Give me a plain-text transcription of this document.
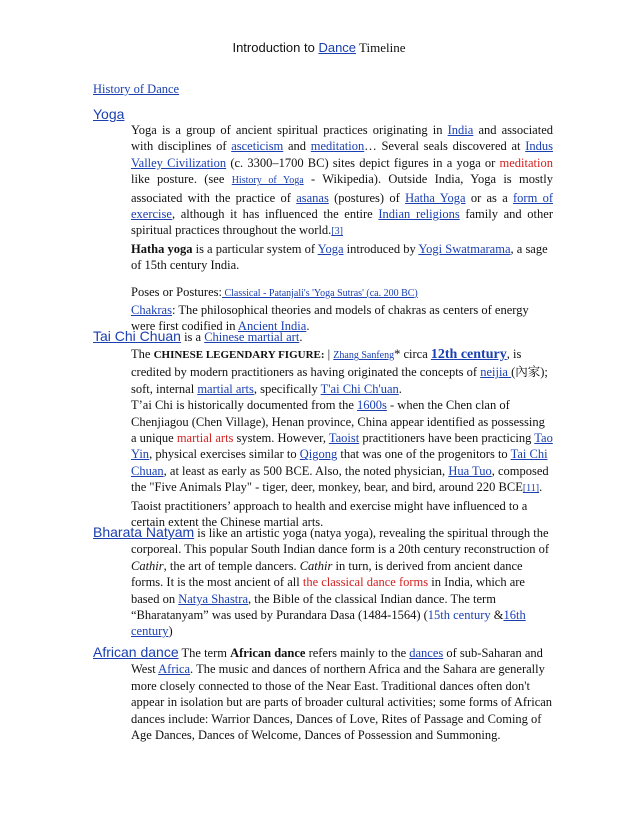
Introduction to Dance Timeline
History of Dance
Yoga
Yoga is a group of ancient spiritual practices originating in India and associated with disciplines of asceticism and meditation… Several seals discovered at Indus Valley Civilization (c. 3300–1700 BC) sites depict figures in a yoga or meditation like posture. (see History of Yoga - Wikipedia). Outside India, Yoga is mostly associated with the practice of asanas (postures) of Hatha Yoga or as a form of exercise, although it has influenced the entire Indian religions family and other spiritual practices throughout the world.[3]
Hatha yoga is a particular system of Yoga introduced by Yogi Swatmarama, a sage of 15th century India.
Poses or Postures: Classical - Patanjali's 'Yoga Sutras' (ca. 200 BC)
Chakras: The philosophical theories and models of chakras as centers of energy were first codified in Ancient India.
Tai Chi Chuan is a Chinese martial art.
The CHINESE LEGENDARY FIGURE: | Zhang Sanfeng* circa 12th century, is credited by modern practitioners as having originated the concepts of neijia (內家); soft, internal martial arts, specifically T'ai Chi Ch'uan.
T’ai Chi is historically documented from the 1600s - when the Chen clan of Chenjiagou (Chen Village), Henan province, China appear identified as possessing a unique martial arts system. However, Taoist practitioners have been practicing Tao Yin, physical exercises similar to Qigong that was one of the progenitors to Tai Chi Chuan, at least as early as 500 BCE. Also, the noted physician, Hua Tuo, composed the "Five Animals Play" - tiger, deer, monkey, bear, and bird, around 220 BCE[11]. Taoist practitioners’ approach to health and exercise might have influenced to a certain extent the Chinese martial arts.
Bharata Natyam is like an artistic yoga (natya yoga), revealing the spiritual through the corporeal. This popular South Indian dance form is a 20th century reconstruction of Cathir, the art of temple dancers. Cathir in turn, is derived from ancient dance forms. It is the most ancient of all the classical dance forms in India, which are based on Natya Shastra, the Bible of the classical Indian dance. The term “Bharatanyam” was used by Purandara Dasa (1484-1564) (15th century &16th century)
African dance The term African dance refers mainly to the dances of sub-Saharan and West Africa. The music and dances of northern Africa and the Sahara are generally more closely connected to those of the Near East. Traditional dances often don't appear in isolation but are parts of broader cultural activities; some forms of African dances include: Warrior Dances, Dances of Love, Rites of Passage and Coming of Age Dances, Dances of Welcome, Dances of Possession and Summoning.
